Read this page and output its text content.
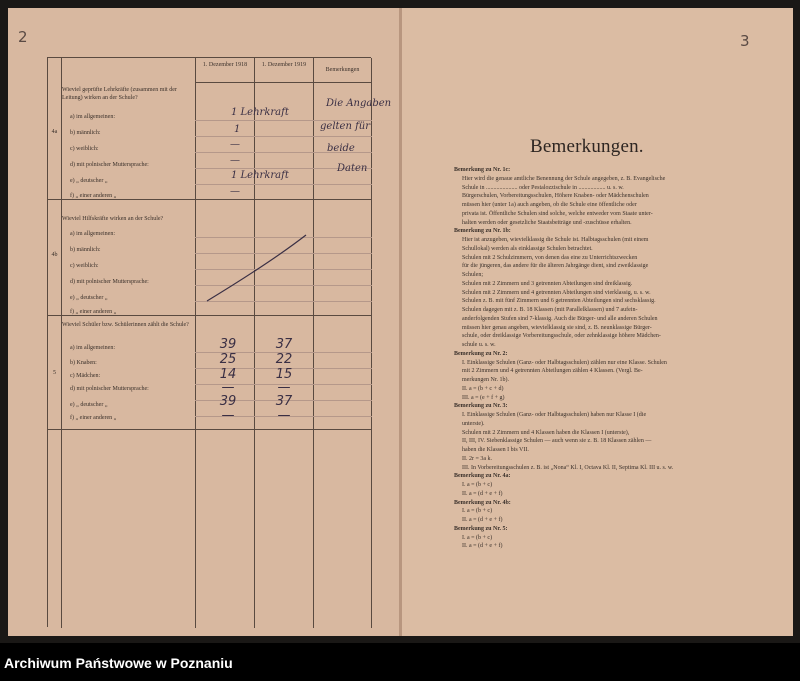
2	3
1. Dezember 1918	1. Dezember 1919
Bemerkungen
4a
Wieviel geprüfte Lehrkräfte (zusammen mit der Leitung) wirken an der Schule?
a) im allgemeinen:
b) männlich:
c) weiblich:
d) mit polnischer Muttersprache:
e) „ deutscher „
f) „ einer anderen „
1 Lehrkraft
1
—
—
1 Lehrkraft
—
Die Angaben
gelten für
beide
Daten
4b
Wieviel Hilfskräfte wirken an der Schule?
a) im allgemeinen:
b) männlich:
c) weiblich:
d) mit polnischer Muttersprache:
e) „ deutscher „
f) „ einer anderen „
5
Wieviel Schüler bzw. Schülerinnen zählt die Schule?
a) im allgemeinen:
b) Knaben:
c) Mädchen:
d) mit polnischer Muttersprache:
e) „ deutscher „
f) „ einer anderen „
39
25
14
—
39
—
37
22
15
—
37
—
Bemerkungen.
Bemerkung zu Nr. 1c:
Hier wird die genaue amtliche Benennung der Schule angegeben, z. B. Evangelische
Schule in ..................... oder Pestalozzischule in .................. u. s. w.
Bürgerschulen, Vorbereitungsschulen, Höhere Knaben- oder Mädchenschulen
müssen hier (unter 1a) auch angeben, ob die Schule eine öffentliche oder
privata ist. Öffentliche Schulen sind solche, welche entweder vom Staate unter-
halten werden oder gesetzliche Staatsbeiträge und -zuschüsse erhalten.
Bemerkung zu Nr. 1b:
Hier ist anzugeben, wievielklassig die Schule ist. Halbtagsschulen (mit einem
Schullokal) werden als einklassige Schulen betrachtet.
Schulen mit 2 Schulzimmern, von denen das eine zu Unterrichtszwecken
für die jüngeren, das andere für die älteren Jahrgänge dient, sind zweiklassige
Schulen;
Schulen mit 2 Zimmern und 3 getrennten Abteilungen sind dreiklassig.
Schulen mit 2 Zimmern und 4 getrennten Abteilungen sind vierklassig, u. s. w.
Schulen z. B. mit fünf Zimmern und 6 getrennten Abteilungen sind sechsklassig.
Schulen dagegen mit z. B. 18 Klassen (mit Parallelklassen) und 7 aufein-
anderfolgenden Stufen sind 7-klassig. Auch die Bürger- und alle anderen Schulen
müssen hier genau angeben, wievielklassig sie sind, z. B. neunklassige Bürger-
schule, oder dreiklassige Vorbereitungsschule, oder zehnklassige höhere Mädchen-
schule u. s. w.
Bemerkung zu Nr. 2:
I. Einklassige Schulen (Ganz- oder Halbtagsschulen) zählen nur eine Klasse. Schulen
mit 2 Zimmern und 4 getrennten Abteilungen zählen 4 Klassen. (Vergl. Be-
merkungen Nr. 1b).
II. a = (b + c + d)
III. a = (e + f + g)
Bemerkung zu Nr. 3:
I. Einklassige Schulen (Ganz- oder Halbtagsschulen) haben nur Klasse I (die
unterste).
Schulen mit 2 Zimmern und 4 Klassen haben die Klassen I (unterste),
II, III, IV. Siebenklassige Schulen — auch wenn sie z. B. 18 Klassen zählen —
haben die Klassen I bis VII.
II. 2r = 3a k.
III. In Vorbereitungsschulen z. B. ist „Nona“ Kl. I, Octava Kl. II, Septima Kl. III u. s. w.
Bemerkung zu Nr. 4a:
I. a = (b + c)
II. a = (d + e + f)
Bemerkung zu Nr. 4b:
I. a = (b + c)
II. a = (d + e + f)
Bemerkung zu Nr. 5:
I. a = (b + c)
II. a = (d + e + f)
Archiwum Państwowe w Poznaniu
